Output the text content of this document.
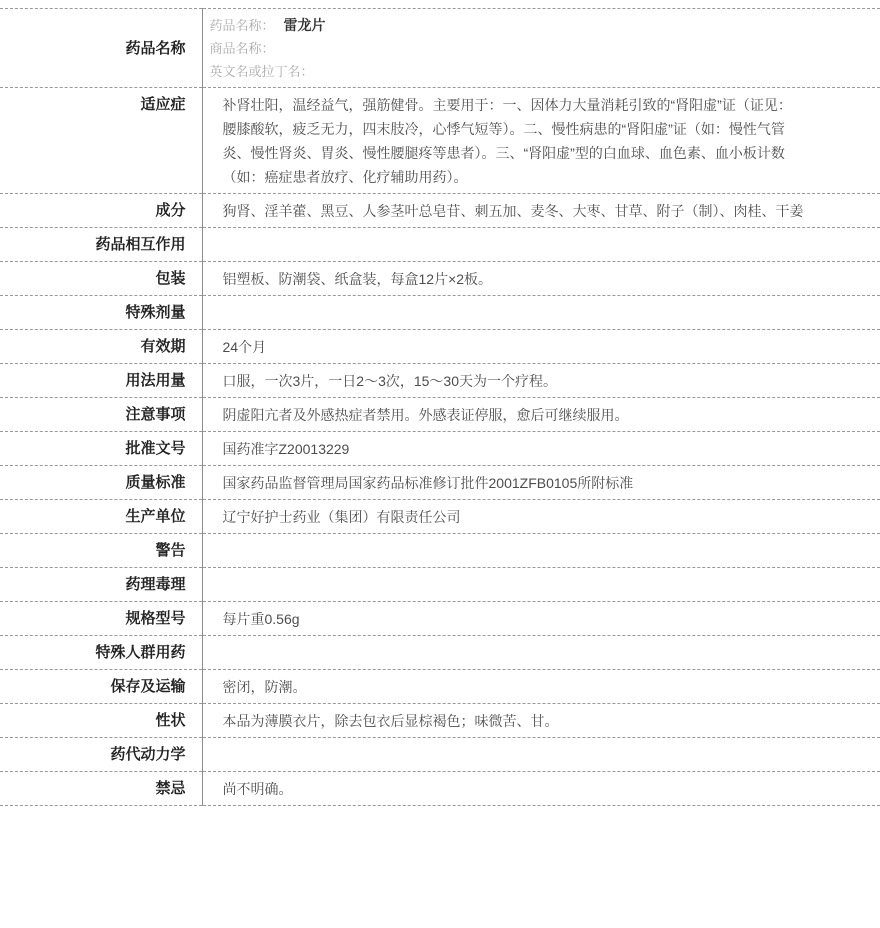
药品名称	药品名称： 雷龙片
商品名称：
英文名或拉丁名：

适应症	补肾壮阳，温经益气，强筋健骨。主要用于：一、因体力大量消耗引致的“肾阳虚”证（证见：腰膝酸软，疲乏无力，四末肢冷，心悸气短等）。二、慢性病患的“肾阳虚”证（如：慢性气管炎、慢性肾炎、胃炎、慢性腰腿疼等患者）。三、“肾阳虚”型的白血球、血色素、血小板计数（如：癌症患者放疗、化疗辅助用药）。
成分	狗肾、淫羊藿、黑豆、人参茎叶总皂苷、刺五加、麦冬、大枣、甘草、附子（制）、肉桂、干姜
药品相互作用	
包装	铝塑板、防潮袋、纸盒装，每盒12片×2板。
特殊剂量	
有效期	24个月
用法用量	口服，一次3片，一日2～3次，15～30天为一个疗程。
注意事项	阴虚阳亢者及外感热症者禁用。外感表证停服，愈后可继续服用。
批准文号	国药准字Z20013229
质量标准	国家药品监督管理局国家药品标准修订批件2001ZFB0105所附标准
生产单位	辽宁好护士药业（集团）有限责任公司
警告	
药理毒理	
规格型号	每片重0.56g
特殊人群用药	
保存及运输	密闭，防潮。
性状	本品为薄膜衣片，除去包衣后显棕褐色；味微苦、甘。
药代动力学	
禁忌	尚不明确。
